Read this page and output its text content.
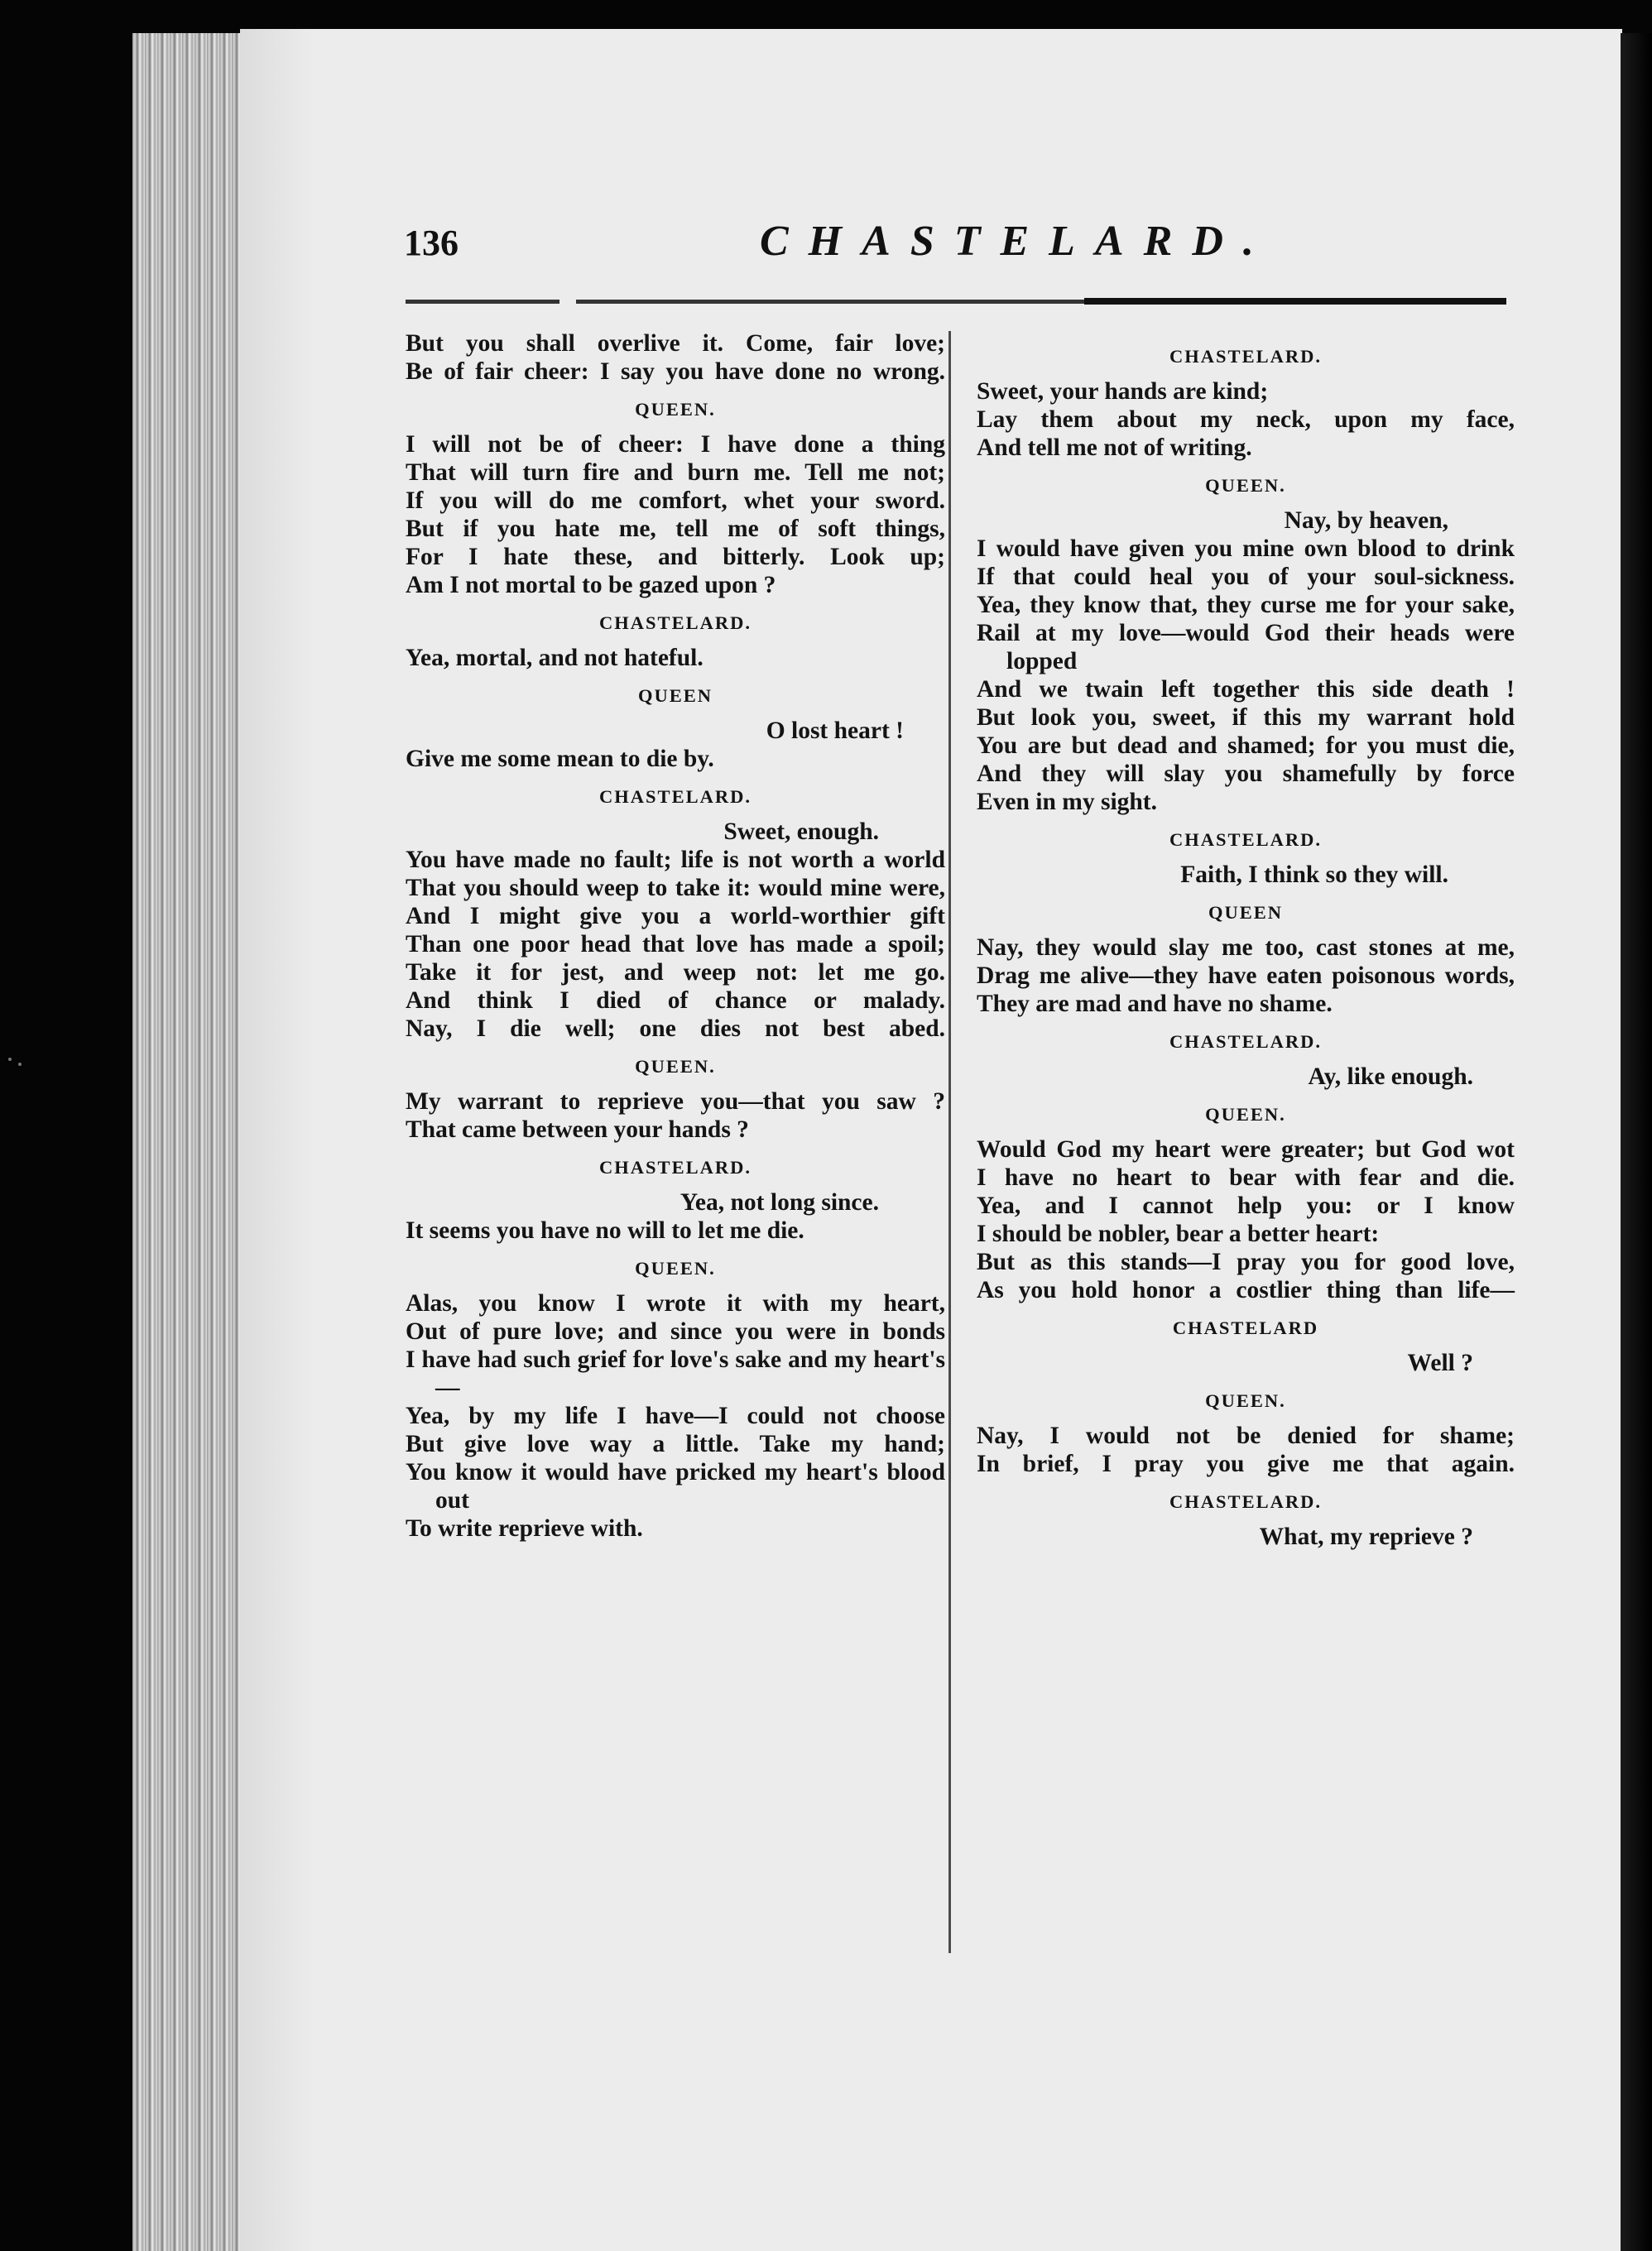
136	CHASTELARD.
But you shall overlive it. Come, fair love;
Be of fair cheer: I say you have done no wrong.
QUEEN.
I will not be of cheer: I have done a thing
That will turn fire and burn me. Tell me not;
If you will do me comfort, whet your sword.
But if you hate me, tell me of soft things,
For I hate these, and bitterly. Look up;
Am I not mortal to be gazed upon ?
CHASTELARD.
Yea, mortal, and not hateful.
QUEEN
O lost heart !
Give me some mean to die by.
CHASTELARD.
Sweet, enough.
You have made no fault; life is not worth a world
That you should weep to take it: would mine were,
And I might give you a world-worthier gift
Than one poor head that love has made a spoil;
Take it for jest, and weep not: let me go.
And think I died of chance or malady.
Nay, I die well; one dies not best abed.
QUEEN.
My warrant to reprieve you—that you saw ?
That came between your hands ?
CHASTELARD.
Yea, not long since.
It seems you have no will to let me die.
QUEEN.
Alas, you know I wrote it with my heart,
Out of pure love; and since you were in bonds
I have had such grief for love's sake and my heart's—
Yea, by my life I have—I could not choose
But give love way a little. Take my hand;
You know it would have pricked my heart's blood out
To write reprieve with.
CHASTELARD.
Sweet, your hands are kind;
Lay them about my neck, upon my face,
And tell me not of writing.
QUEEN.
Nay, by heaven,
I would have given you mine own blood to drink
If that could heal you of your soul-sickness.
Yea, they know that, they curse me for your sake,
Rail at my love—would God their heads were lopped
And we twain left together this side death !
But look you, sweet, if this my warrant hold
You are but dead and shamed; for you must die,
And they will slay you shamefully by force
Even in my sight.
CHASTELARD.
Faith, I think so they will.
QUEEN
Nay, they would slay me too, cast stones at me,
Drag me alive—they have eaten poisonous words,
They are mad and have no shame.
CHASTELARD.
Ay, like enough.
QUEEN.
Would God my heart were greater; but God wot
I have no heart to bear with fear and die.
Yea, and I cannot help you: or I know
I should be nobler, bear a better heart:
But as this stands—I pray you for good love,
As you hold honor a costlier thing than life—
CHASTELARD
Well ?
QUEEN.
Nay, I would not be denied for shame;
In brief, I pray you give me that again.
CHASTELARD.
What, my reprieve ?
